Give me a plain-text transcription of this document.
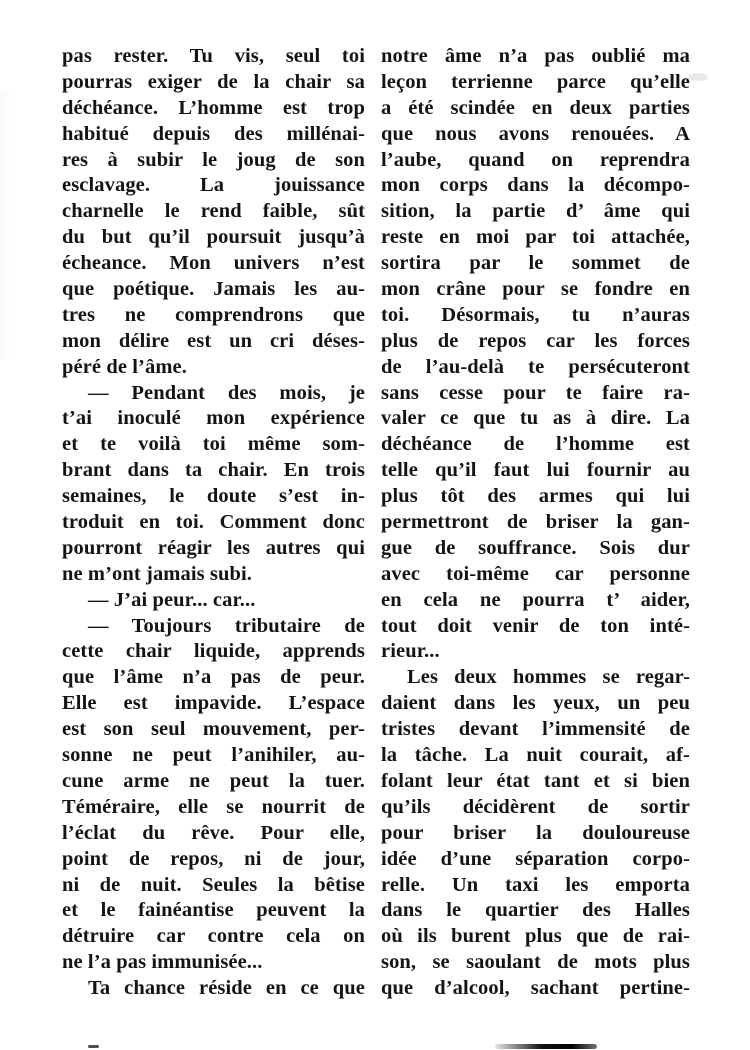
pas rester. Tu vis, seul toi
pourras exiger de la chair sa
déchéance. L’homme est trop
habitué depuis des millénai-
res à subir le joug de son
esclavage. La jouissance
charnelle le rend faible, sût
du but qu’il poursuit jusqu’à
écheance. Mon univers n’est
que poétique. Jamais les au-
tres ne comprendrons que
mon délire est un cri déses-
péré de l’âme.
— Pendant des mois, je
t’ai inoculé mon expérience
et te voilà toi même som-
brant dans ta chair. En trois
semaines, le doute s’est in-
troduit en toi. Comment donc
pourront réagir les autres qui
ne m’ont jamais subi.
— J’ai peur... car...
— Toujours tributaire de
cette chair liquide, apprends
que l’âme n’a pas de peur.
Elle est impavide. L’espace
est son seul mouvement, per-
sonne ne peut l’anihiler, au-
cune arme ne peut la tuer.
Téméraire, elle se nourrit de
l’éclat du rêve. Pour elle,
point de repos, ni de jour,
ni de nuit. Seules la bêtise
et le fainéantise peuvent la
détruire car contre cela on
ne l’a pas immunisée...
Ta chance réside en ce que
notre âme n’a pas oublié ma
leçon terrienne parce qu’elle
a été scindée en deux parties
que nous avons renouées. A
l’aube, quand on reprendra
mon corps dans la décompo-
sition, la partie d’ âme qui
reste en moi par toi attachée,
sortira par le sommet de
mon crâne pour se fondre en
toi. Désormais, tu n’auras
plus de repos car les forces
de l’au-delà te persécuteront
sans cesse pour te faire ra-
valer ce que tu as à dire. La
déchéance de l’homme est
telle qu’il faut lui fournir au
plus tôt des armes qui lui
permettront de briser la gan-
gue de souffrance. Sois dur
avec toi-même car personne
en cela ne pourra t’ aider,
tout doit venir de ton inté-
rieur...
Les deux hommes se regar-
daient dans les yeux, un peu
tristes devant l’immensité de
la tâche. La nuit courait, af-
folant leur état tant et si bien
qu’ils décidèrent de sortir
pour briser la douloureuse
idée d’une séparation corpo-
relle. Un taxi les emporta
dans le quartier des Halles
où ils burent plus que de rai-
son, se saoulant de mots plus
que d’alcool, sachant pertine-
